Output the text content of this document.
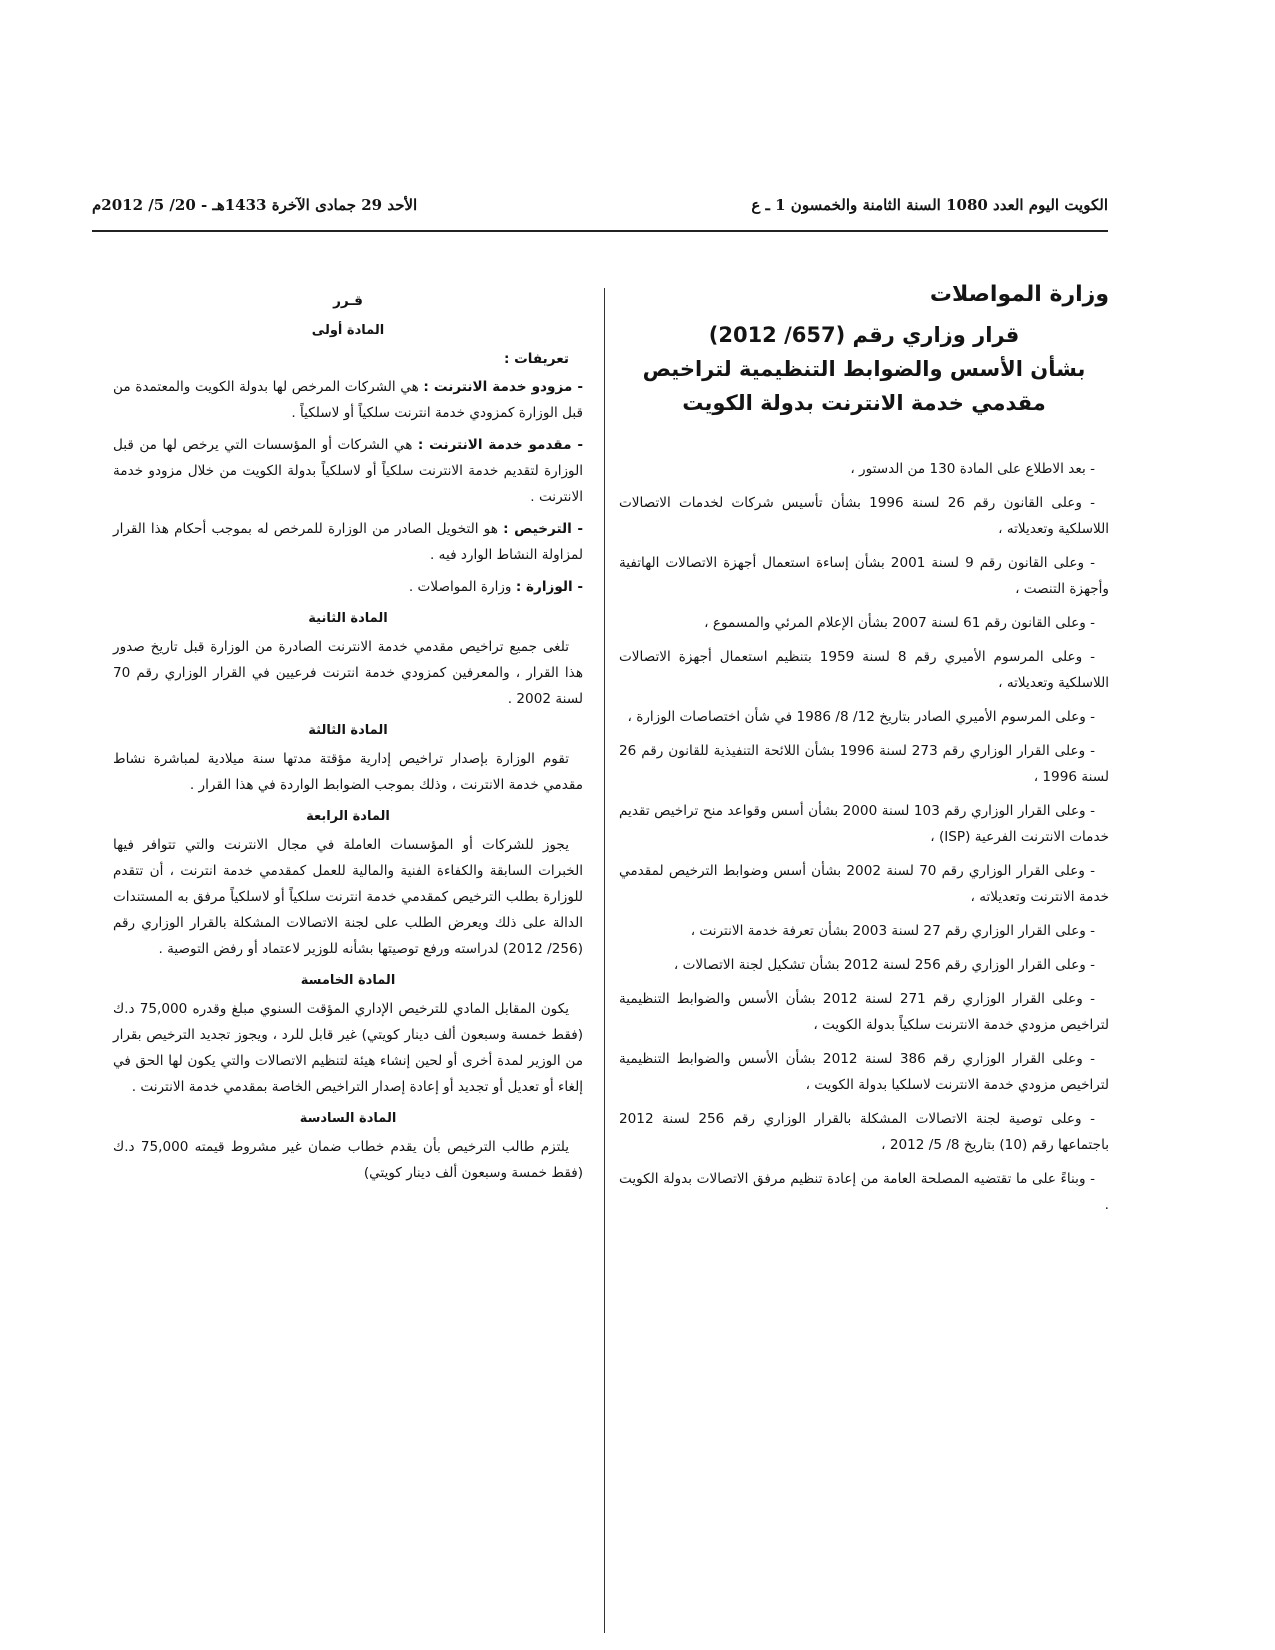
الكويت اليوم العدد 1080 السنة الثامنة والخمسون 1 ـ ع
الأحد 29 جمادى الآخرة 1433هـ - 20/ 5/ 2012م
وزارة المواصلات
قرار وزاري رقم (657/ 2012)
بشأن الأسس والضوابط التنظيمية لتراخيص
مقدمي خدمة الانترنت بدولة الكويت

- بعد الاطلاع على المادة 130 من الدستور ،

- وعلى القانون رقم 26 لسنة 1996 بشأن تأسيس شركات لخدمات الاتصالات اللاسلكية وتعديلاته ،

- وعلى القانون رقم 9 لسنة 2001 بشأن إساءة استعمال أجهزة الاتصالات الهاتفية وأجهزة التنصت ،

- وعلى القانون رقم 61 لسنة 2007 بشأن الإعلام المرئي والمسموع ،

- وعلى المرسوم الأميري رقم 8 لسنة 1959 بتنظيم استعمال أجهزة الاتصالات اللاسلكية وتعديلاته ،

- وعلى المرسوم الأميري الصادر بتاريخ 12/ 8/ 1986 في شأن اختصاصات الوزارة ،

- وعلى القرار الوزاري رقم 273 لسنة 1996 بشأن اللائحة التنفيذية للقانون رقم 26 لسنة 1996 ،

- وعلى القرار الوزاري رقم 103 لسنة 2000 بشأن أسس وقواعد منح تراخيص تقديم خدمات الانترنت الفرعية (ISP) ،

- وعلى القرار الوزاري رقم 70 لسنة 2002 بشأن أسس وضوابط الترخيص لمقدمي خدمة الانترنت وتعديلاته ،

- وعلى القرار الوزاري رقم 27 لسنة 2003 بشأن تعرفة خدمة الانترنت ،

- وعلى القرار الوزاري رقم 256 لسنة 2012 بشأن تشكيل لجنة الاتصالات ،

- وعلى القرار الوزاري رقم 271 لسنة 2012 بشأن الأسس والضوابط التنظيمية لتراخيص مزودي خدمة الانترنت سلكياً بدولة الكويت ،

- وعلى القرار الوزاري رقم 386 لسنة 2012 بشأن الأسس والضوابط التنظيمية لتراخيص مزودي خدمة الانترنت لاسلكيا بدولة الكويت ،

- وعلى توصية لجنة الاتصالات المشكلة بالقرار الوزاري رقم 256 لسنة 2012 باجتماعها رقم (10) بتاريخ 8/ 5/ 2012 ،

- وبناءً على ما تقتضيه المصلحة العامة من إعادة تنظيم مرفق الاتصالات بدولة الكويت .

قـرر
المادة أولى
تعريفات :

- مزودو خدمة الانترنت : هي الشركات المرخص لها بدولة الكويت والمعتمدة من قبل الوزارة كمزودي خدمة انترنت سلكياً أو لاسلكياً .

- مقدمو خدمة الانترنت : هي الشركات أو المؤسسات التي يرخص لها من قبل الوزارة لتقديم خدمة الانترنت سلكياً أو لاسلكياً بدولة الكويت من خلال مزودو خدمة الانترنت .

- الترخيص : هو التخويل الصادر من الوزارة للمرخص له بموجب أحكام هذا القرار لمزاولة النشاط الوارد فيه .

- الوزارة : وزارة المواصلات .

المادة الثانية

تلغى جميع تراخيص مقدمي خدمة الانترنت الصادرة من الوزارة قبل تاريخ صدور هذا القرار ، والمعرفين كمزودي خدمة انترنت فرعيين في القرار الوزاري رقم 70 لسنة 2002 .

المادة الثالثة

تقوم الوزارة بإصدار تراخيص إدارية مؤقتة مدتها سنة ميلادية لمباشرة نشاط مقدمي خدمة الانترنت ، وذلك بموجب الضوابط الواردة في هذا القرار .

المادة الرابعة

يجوز للشركات أو المؤسسات العاملة في مجال الانترنت والتي تتوافر فيها الخبرات السابقة والكفاءة الفنية والمالية للعمل كمقدمي خدمة انترنت ، أن تتقدم للوزارة بطلب الترخيص كمقدمي خدمة انترنت سلكياً أو لاسلكياً مرفق به المستندات الدالة على ذلك ويعرض الطلب على لجنة الاتصالات المشكلة بالقرار الوزاري رقم (256/ 2012) لدراسته ورفع توصيتها بشأنه للوزير لاعتماد أو رفض التوصية .

المادة الخامسة

يكون المقابل المادي للترخيص الإداري المؤقت السنوي مبلغ وقدره 75,000 د.ك (فقط خمسة وسبعون ألف دينار كويتي) غير قابل للرد ، ويجوز تجديد الترخيص بقرار من الوزير لمدة أخرى أو لحين إنشاء هيئة لتنظيم الاتصالات والتي يكون لها الحق في إلغاء أو تعديل أو تجديد أو إعادة إصدار التراخيص الخاصة بمقدمي خدمة الانترنت .

المادة السادسة

يلتزم طالب الترخيص بأن يقدم خطاب ضمان غير مشروط قيمته 75,000 د.ك (فقط خمسة وسبعون ألف دينار كويتي)
